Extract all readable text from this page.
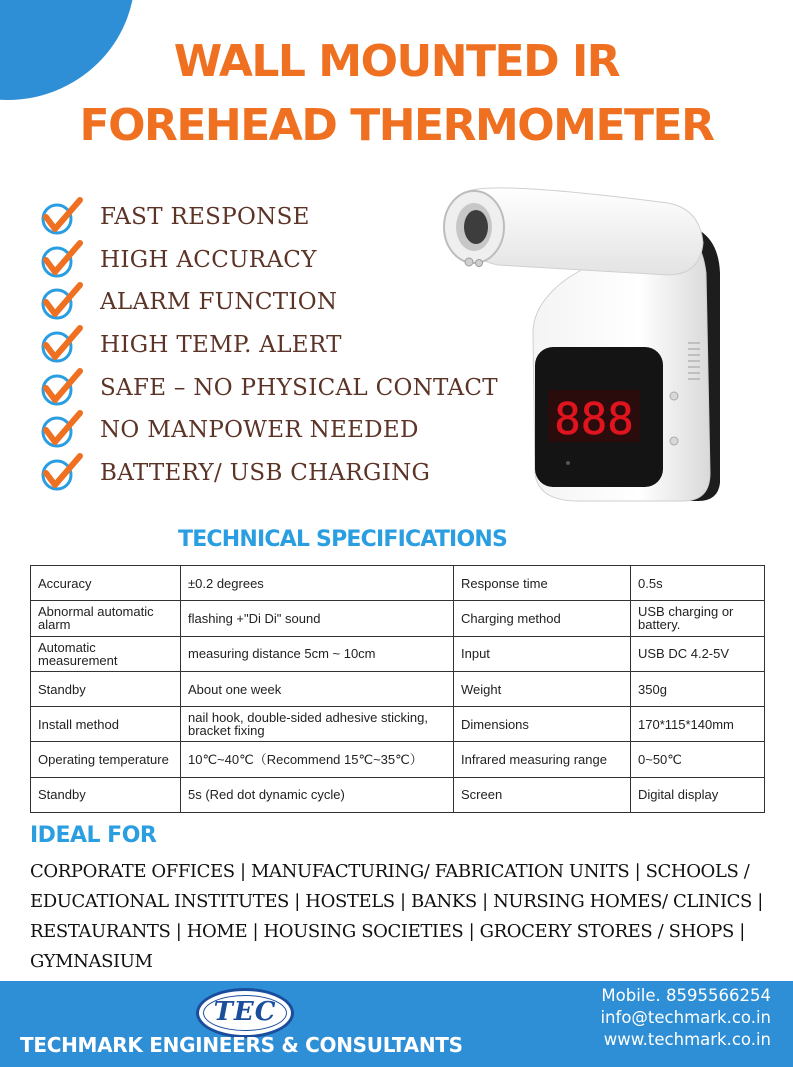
WALL MOUNTED IR
FOREHEAD THERMOMETER
FAST RESPONSE
HIGH ACCURACY
ALARM FUNCTION
HIGH TEMP. ALERT
SAFE – NO PHYSICAL CONTACT
NO MANPOWER NEEDED
BATTERY/ USB CHARGING
888
TECHNICAL SPECIFICATIONS
Accuracy	±0.2 degrees	Response time	0.5s
Abnormal automatic alarm	flashing +"Di Di" sound	Charging method	USB charging or battery.
Automatic measurement	measuring distance 5cm ~ 10cm	Input	USB DC 4.2-5V
Standby	About one week	Weight	350g
Install method	nail hook, double-sided adhesive sticking, bracket fixing	Dimensions	170*115*140mm
Operating temperature	10℃~40℃（Recommend 15℃~35℃）	Infrared measuring range	0~50℃
Standby	5s (Red dot dynamic cycle)	Screen	Digital display
IDEAL FOR

CORPORATE OFFICES | MANUFACTURING/ FABRICATION UNITS | SCHOOLS / EDUCATIONAL INSTITUTES | HOSTELS | BANKS | NURSING HOMES/ CLINICS | RESTAURANTS | HOME | HOUSING SOCIETIES | GROCERY STORES / SHOPS | GYMNASIUM

TEC
TECHMARK ENGINEERS & CONSULTANTS
Mobile. 8595566254
info@techmark.co.in
www.techmark.co.in
